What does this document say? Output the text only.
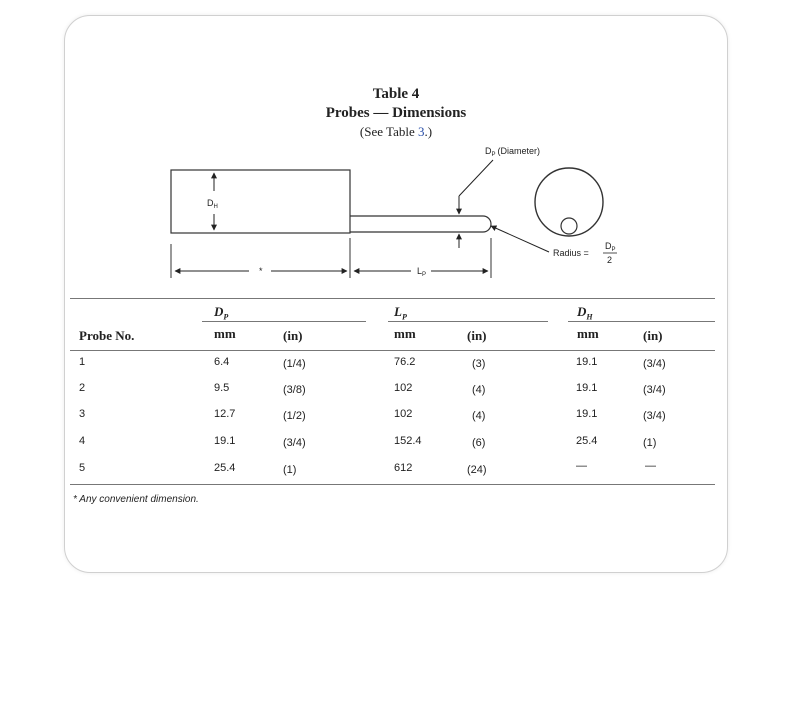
Table 4
Probes — Dimensions
(See Table 3.)
$D_H$
*	$L_P$
$D_P$ (Diameter)
Radius =
$D_P$
2
$D_P$	$L_P$	$D_H$
Probe No.	mm	(in)	mm	(in)	mm	(in)
1	6.4	(1/4)	76.2	(3)	19.1	(3/4)
2	9.5	(3/8)	102	(4)	19.1	(3/4)
3	12.7	(1/2)	102	(4)	19.1	(3/4)
4	19.1	(3/4)	152.4	(6)	25.4	(1)
5	25.4	(1)	612	(24)	—	—
* Any convenient dimension.
